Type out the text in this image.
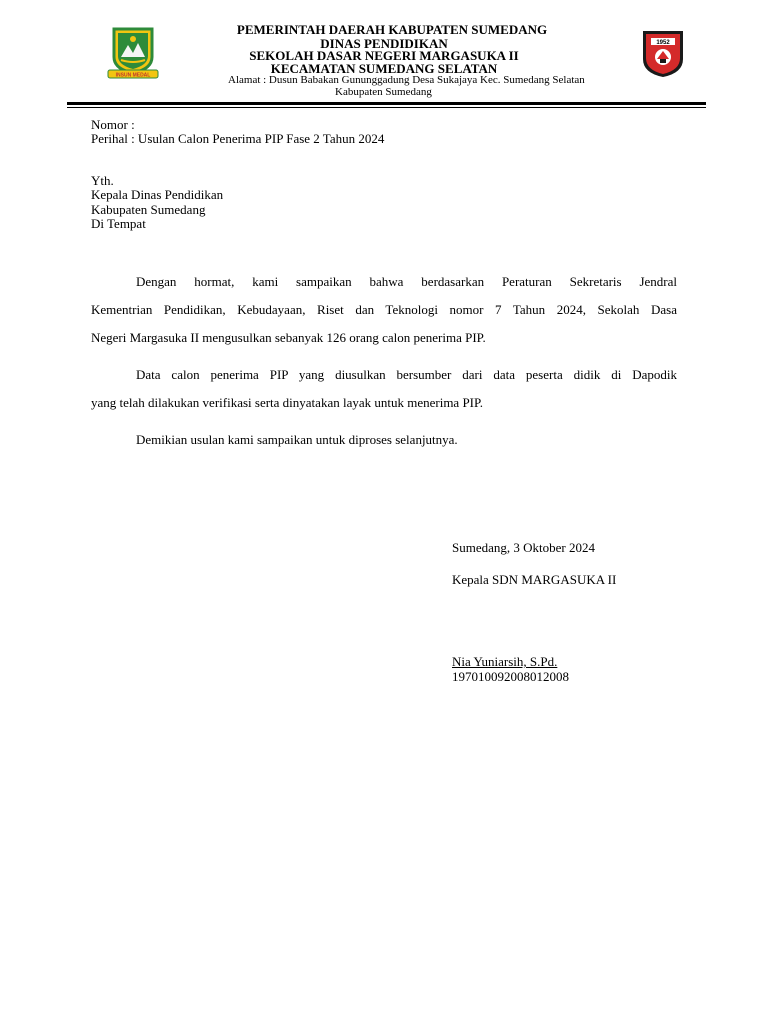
INSUN MEDAL
1952
PEMERINTAH DAERAH KABUPATEN SUMEDANG
DINAS PENDIDIKAN
SEKOLAH DASAR NEGERI MARGASUKA II
KECAMATAN SUMEDANG SELATAN
Alamat : Dusun Babakan Gununggadung Desa Sukajaya Kec. Sumedang Selatan
Kabupaten Sumedang
Nomor :
Perihal : Usulan Calon Penerima PIP Fase 2 Tahun 2024
Yth.
Kepala Dinas Pendidikan
Kabupaten Sumedang
Di Tempat
Dengan hormat, kami sampaikan bahwa berdasarkan Peraturan Sekretaris Jendral
Kementrian Pendidikan, Kebudayaan, Riset dan Teknologi nomor 7 Tahun 2024, Sekolah Dasa
Negeri Margasuka II mengusulkan sebanyak 126 orang calon penerima PIP.
Data calon penerima PIP yang diusulkan bersumber dari data peserta didik di Dapodik
yang telah dilakukan verifikasi serta dinyatakan layak untuk menerima PIP.
Demikian usulan kami sampaikan untuk diproses selanjutnya.
Sumedang, 3 Oktober 2024
Kepala SDN MARGASUKA II
Nia Yuniarsih, S.Pd.
197010092008012008
